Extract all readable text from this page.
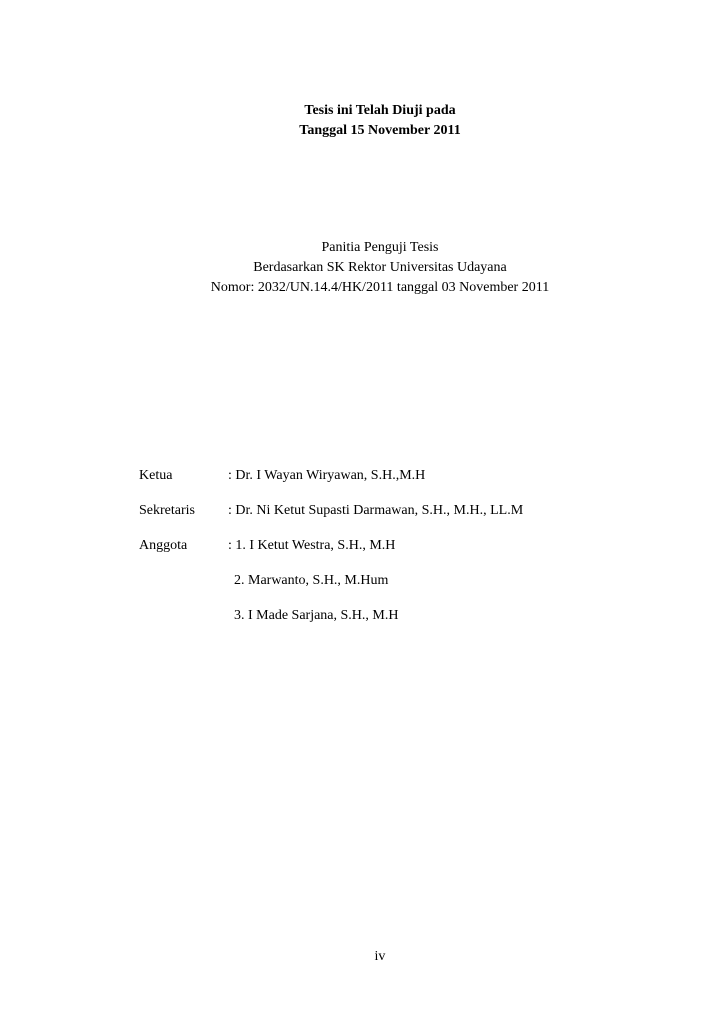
Tesis ini Telah Diuji pada
Tanggal 15 November 2011
Panitia Penguji Tesis
Berdasarkan SK Rektor Universitas Udayana
Nomor: 2032/UN.14.4/HK/2011 tanggal 03 November 2011
Ketua	: Dr. I Wayan Wiryawan, S.H.,M.H
Sekretaris : Dr. Ni Ketut Supasti Darmawan, S.H., M.H., LL.M
Anggota	: 1. I Ketut Westra, S.H., M.H
2. Marwanto, S.H., M.Hum
3. I Made Sarjana, S.H., M.H
iv
